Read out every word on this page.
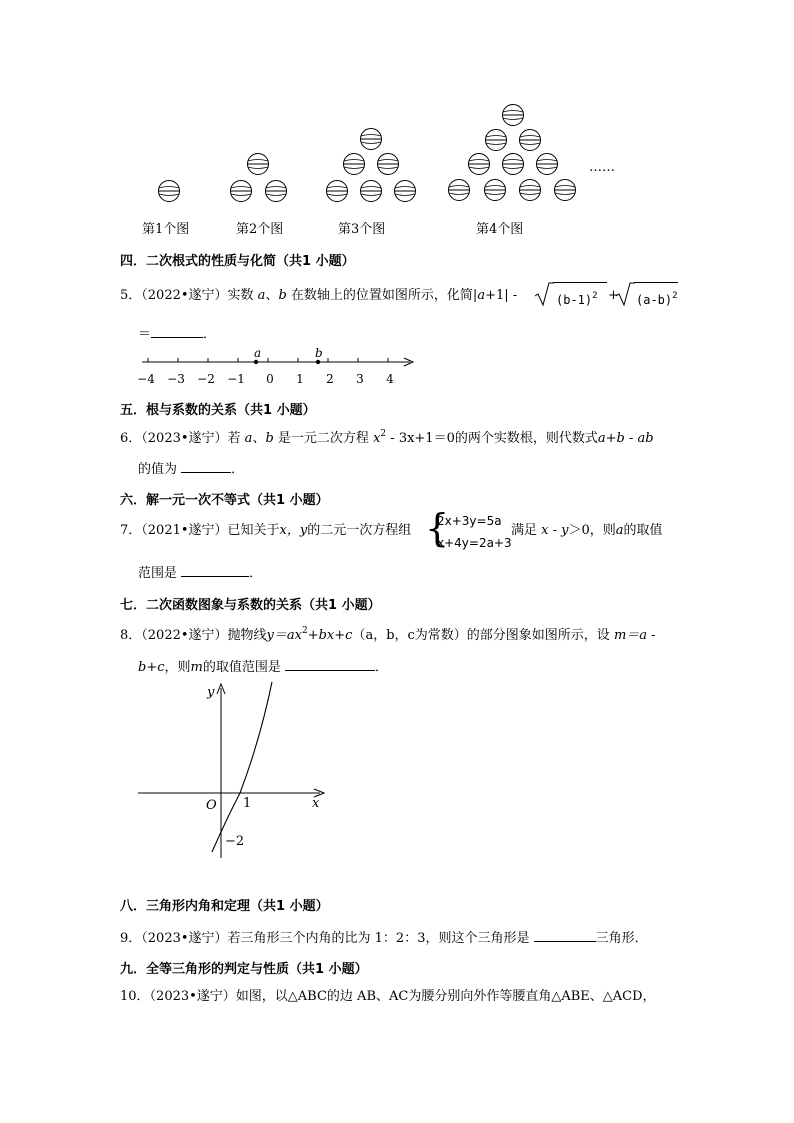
……
第1个图	第2个图	第3个图	第4个图
四．二次根式的性质与化简（共1 小题）
5．（2022•遂宁）实数 a、b 在数轴上的位置如图所示，化简|a+1| -	$(b-1)^2 + (a-b)^2$
＝	．
a	b
−4 −3 −2 −1 0 1 2 3 4
五．根与系数的关系（共1 小题）
6．（2023•遂宁）若 a、b 是一元二次方程 $x^2 - 3x+1=0$的两个实数根，则代数式a+b - ab
的值为	．
六．解一元一次不等式（共1 小题）
7．（2021•遂宁）已知关于x，y的二元一次方程组 {
2x+3y=5a
x+4y=2a+3
满足 x - y＞0，则a的取值
范围是	．
七．二次函数图象与系数的关系（共1 小题）
8．（2022•遂宁）抛物线$y=ax^2+bx+c(a$，b，c为常数）的部分图象如图所示，设 m＝a -
b+c，则m的取值范围是	．
y
x
O 1
−2
八．三角形内角和定理（共1 小题）
9．（2023•遂宁）若三角形三个内角的比为 1：2：3，则这个三角形是	三角形．
九．全等三角形的判定与性质（共1 小题）
10．（2023•遂宁）如图，以△ABC的边 AB、AC为腰分别向外作等腰直角△ABE、△ACD，
